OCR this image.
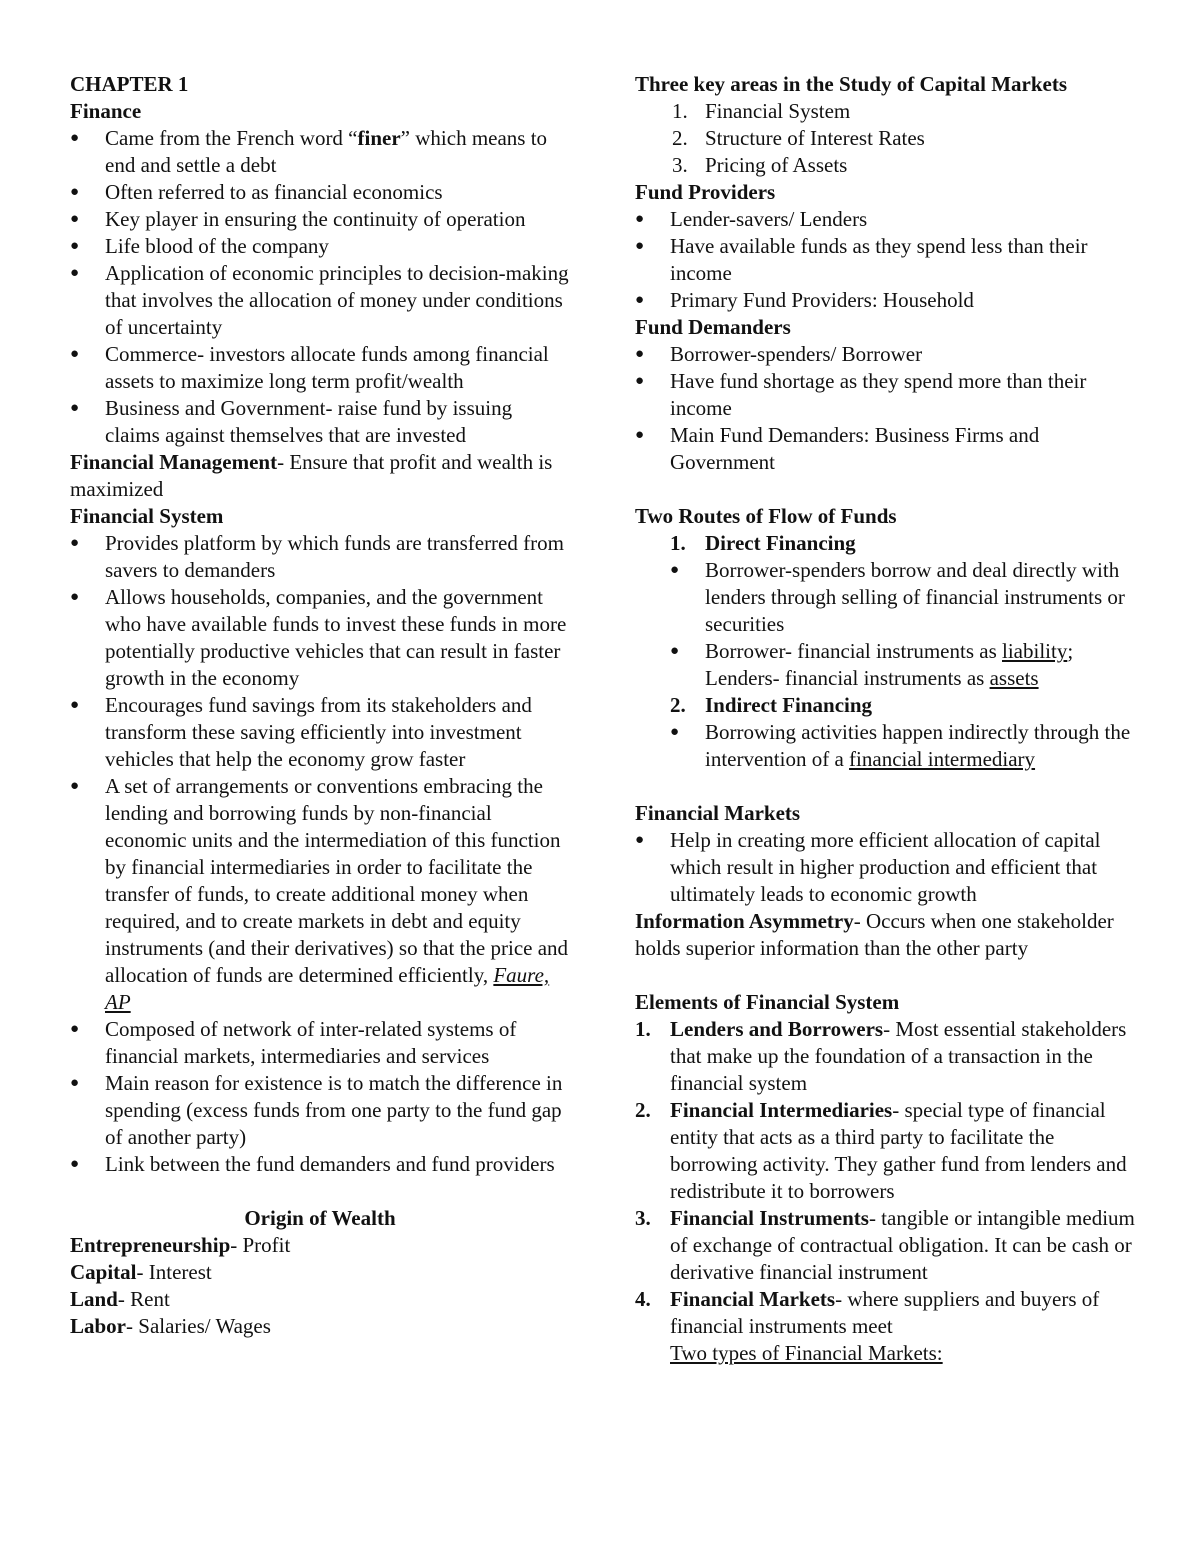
CHAPTER 1
Finance
● Came from the French word “finer” which means to end and settle a debt
● Often referred to as financial economics
● Key player in ensuring the continuity of operation
● Life blood of the company
● Application of economic principles to decision-making that involves the allocation of money under conditions of uncertainty
● Commerce- investors allocate funds among financial assets to maximize long term profit/wealth
● Business and Government- raise fund by issuing claims against themselves that are invested
Financial Management- Ensure that profit and wealth is maximized
Financial System
● Provides platform by which funds are transferred from savers to demanders
● Allows households, companies, and the government who have available funds to invest these funds in more potentially productive vehicles that can result in faster growth in the economy
● Encourages fund savings from its stakeholders and transform these saving efficiently into investment vehicles that help the economy grow faster
● A set of arrangements or conventions embracing the lending and borrowing funds by non-financial economic units and the intermediation of this function by financial intermediaries in order to facilitate the transfer of funds, to create additional money when required, and to create markets in debt and equity instruments (and their derivatives) so that the price and allocation of funds are determined efficiently, Faure, AP
● Composed of network of inter-related systems of financial markets, intermediaries and services
● Main reason for existence is to match the difference in spending (excess funds from one party to the fund gap of another party)
● Link between the fund demanders and fund providers
Origin of Wealth
Entrepreneurship- Profit
Capital- Interest
Land- Rent
Labor- Salaries/ Wages
Three key areas in the Study of Capital Markets
1. Financial System
2. Structure of Interest Rates
3. Pricing of Assets
Fund Providers
● Lender-savers/ Lenders
● Have available funds as they spend less than their income
● Primary Fund Providers: Household
Fund Demanders
● Borrower-spenders/ Borrower
● Have fund shortage as they spend more than their income
● Main Fund Demanders: Business Firms and Government
Two Routes of Flow of Funds
1. Direct Financing
● Borrower-spenders borrow and deal directly with lenders through selling of financial instruments or securities
● Borrower- financial instruments as liability; Lenders- financial instruments as assets
2. Indirect Financing
● Borrowing activities happen indirectly through the intervention of a financial intermediary
Financial Markets
● Help in creating more efficient allocation of capital which result in higher production and efficient that ultimately leads to economic growth
Information Asymmetry- Occurs when one stakeholder holds superior information than the other party
Elements of Financial System
1. Lenders and Borrowers- Most essential stakeholders that make up the foundation of a transaction in the financial system
2. Financial Intermediaries- special type of financial entity that acts as a third party to facilitate the borrowing activity. They gather fund from lenders and redistribute it to borrowers
3. Financial Instruments- tangible or intangible medium of exchange of contractual obligation. It can be cash or derivative financial instrument
4. Financial Markets- where suppliers and buyers of financial instruments meet
Two types of Financial Markets:
